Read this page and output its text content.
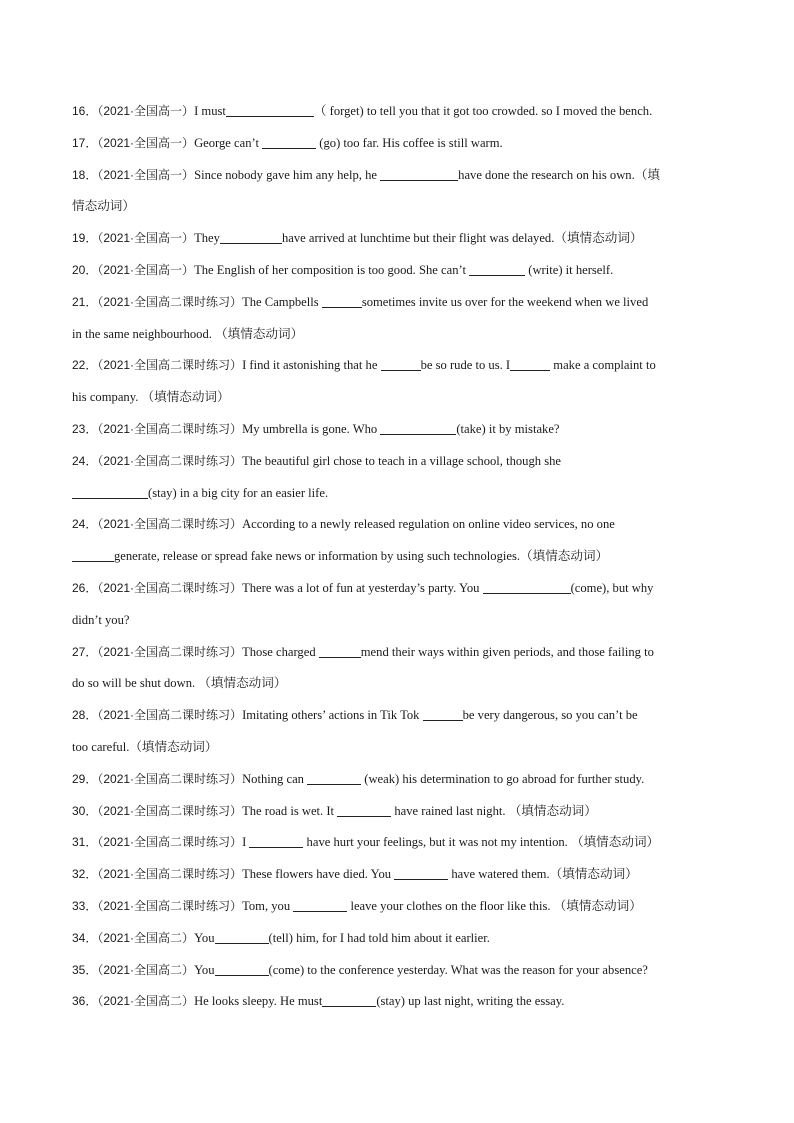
16．（2021·全国高一）I must	（ forget) to tell you that it got too crowded. so I moved the bench.
17．（2021·全国高一）George can’t	(go) too far. His coffee is still warm.
18．（2021·全国高一）Since nobody gave him any help, he	have done the research on his own.（填
情态动词）
19．（2021·全国高一）They	have arrived at lunchtime but their flight was delayed.（填情态动词）
20．（2021·全国高一）The English of her composition is too good. She can’t	(write) it herself.
21．（2021·全国高二课时练习）The Campbells	sometimes invite us over for the weekend when we lived
in the same neighbourhood. （填情态动词）
22．（2021·全国高二课时练习）I find it astonishing that he	be so rude to us. I	make a complaint to
his company. （填情态动词）
23．（2021·全国高二课时练习）My umbrella is gone. Who	(take) it by mistake?
24．（2021·全国高二课时练习）The beautiful girl chose to teach in a village school, though she
(stay) in a big city for an easier life.
24．（2021·全国高二课时练习）According to a newly released regulation on online video services, no one
generate, release or spread fake news or information by using such technologies.（填情态动词）
26．（2021·全国高二课时练习）There was a lot of fun at yesterday’s party. You	(come), but why
didn’t you?
27．（2021·全国高二课时练习）Those charged	mend their ways within given periods, and those failing to
do so will be shut down. （填情态动词）
28．（2021·全国高二课时练习）Imitating others’ actions in Tik Tok	be very dangerous, so you can’t be
too careful.（填情态动词）
29．（2021·全国高二课时练习）Nothing can	(weak) his determination to go abroad for further study.
30．（2021·全国高二课时练习）The road is wet. It	have rained last night. （填情态动词）
31．（2021·全国高二课时练习）I	have hurt your feelings, but it was not my intention. （填情态动词）
32．（2021·全国高二课时练习）These flowers have died. You	have watered them.（填情态动词）
33．（2021·全国高二课时练习）Tom, you	leave your clothes on the floor like this. （填情态动词）
34．（2021·全国高二）You	(tell) him, for I had told him about it earlier.
35．（2021·全国高二）You	(come) to the conference yesterday. What was the reason for your absence?
36．（2021·全国高二）He looks sleepy. He must	(stay) up last night, writing the essay.
